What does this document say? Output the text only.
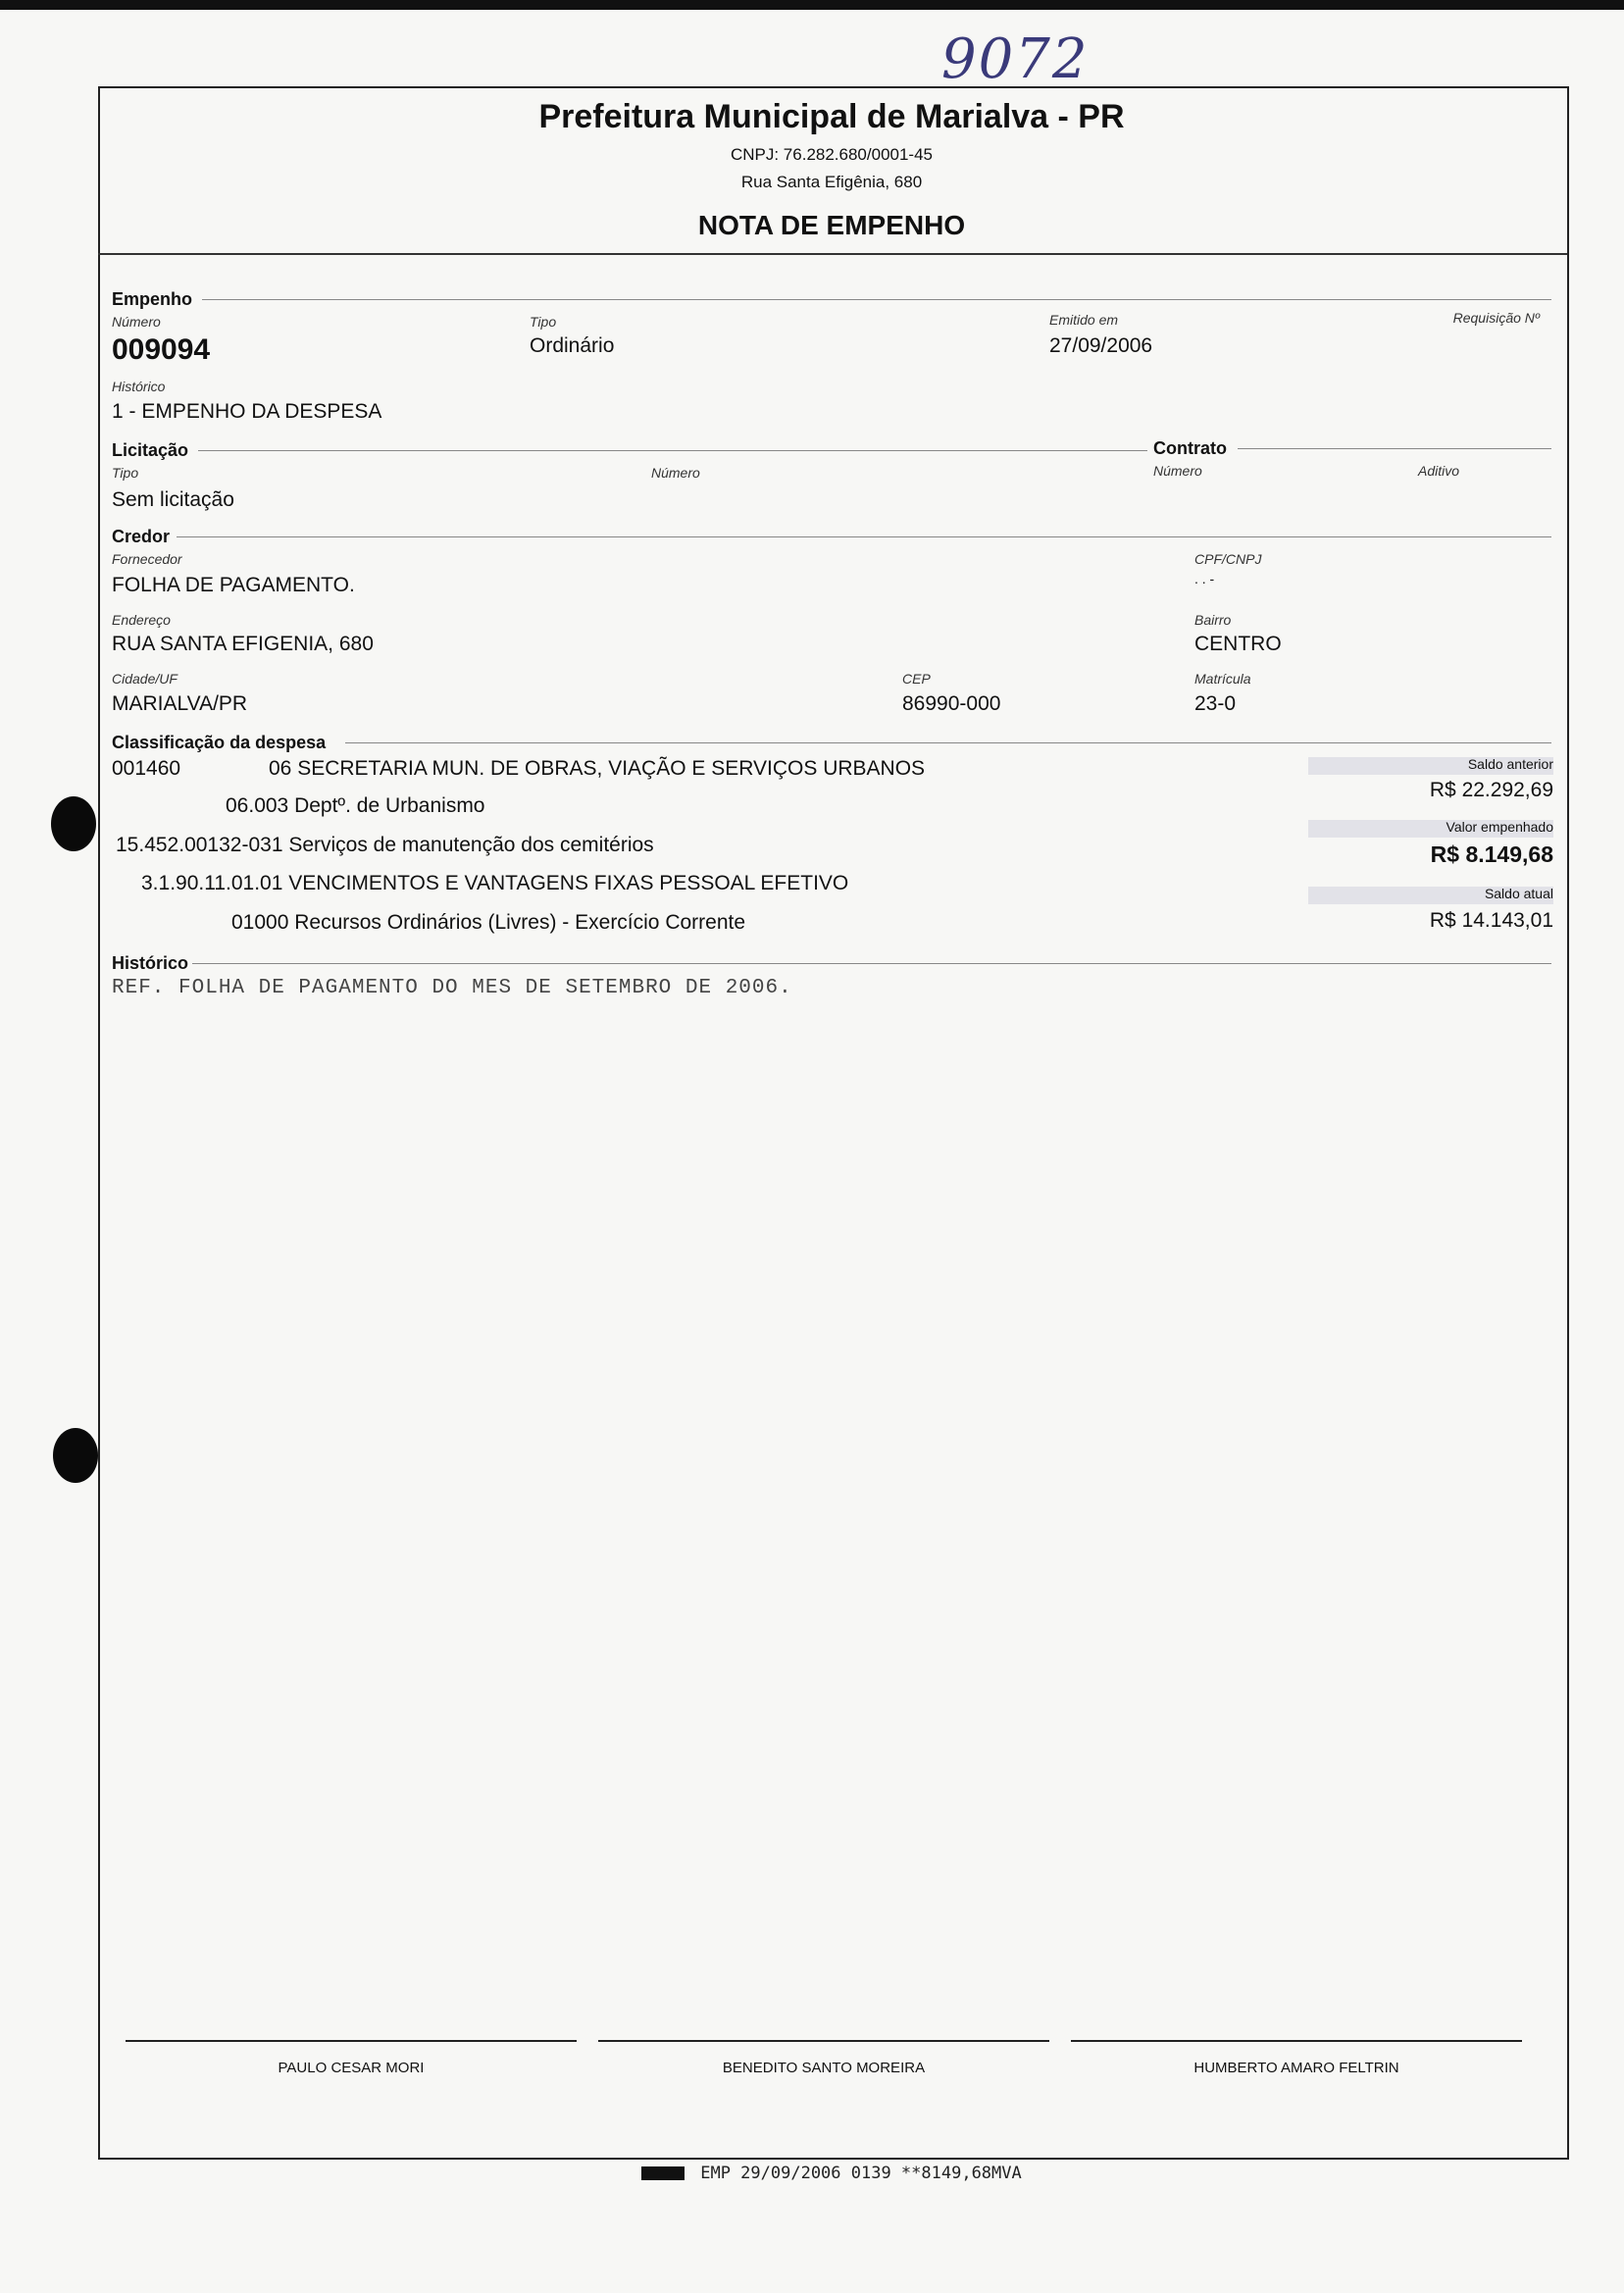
9072
Prefeitura Municipal de Marialva - PR
CNPJ: 76.282.680/0001-45
Rua Santa Efigênia, 680
NOTA DE EMPENHO
Empenho
Número
009094
Tipo
Ordinário
Emitido em
27/09/2006
Requisição Nº
Histórico
1 - EMPENHO DA DESPESA
Licitação	Contrato
Tipo
Sem licitação
Número	Número	Aditivo
Credor
Fornecedor
FOLHA DE PAGAMENTO.
CPF/CNPJ
. . -
Endereço
RUA SANTA EFIGENIA, 680
Bairro
CENTRO
Cidade/UF
MARIALVA/PR
CEP
86990-000
Matrícula
23-0
Classificação da despesa
001460	06 SECRETARIA MUN. DE OBRAS, VIAÇÃO E SERVIÇOS URBANOS
06.003 Deptº. de Urbanismo
15.452.00132-031 Serviços de manutenção dos cemitérios
3.1.90.11.01.01 VENCIMENTOS E VANTAGENS FIXAS PESSOAL EFETIVO
01000 Recursos Ordinários (Livres) - Exercício Corrente
Saldo anterior
R$ 22.292,69
Valor empenhado
R$ 8.149,68
Saldo atual
R$ 14.143,01
Histórico
REF. FOLHA DE PAGAMENTO DO MES DE SETEMBRO DE 2006.
PAULO CESAR MORI	BENEDITO SANTO MOREIRA	HUMBERTO AMARO FELTRIN
EMP 29/09/2006 0139 **8149,68MVA
